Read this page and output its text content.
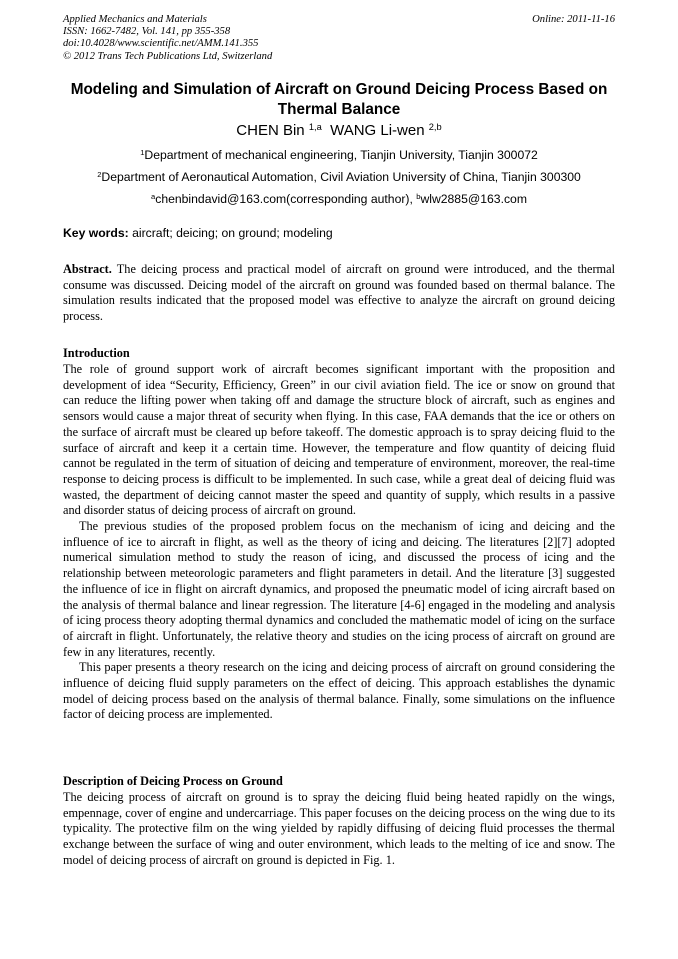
Applied Mechanics and Materials
ISSN: 1662-7482, Vol. 141, pp 355-358
doi:10.4028/www.scientific.net/AMM.141.355
© 2012 Trans Tech Publications Ltd, Switzerland
Online: 2011-11-16
Modeling and Simulation of Aircraft on Ground Deicing Process Based on Thermal Balance
CHEN Bin $^{1,a}$ WANG Li-wen $^{2,b}$
$^1$Department of mechanical engineering, Tianjin University, Tianjin 300072
$^2$Department of Aeronautical Automation, Civil Aviation University of China, Tianjin 300300
$^a$chenbindavid@163.com(corresponding author), $^b$wlw2885@163.com
Key words: aircraft; deicing; on ground; modeling

Abstract. The deicing process and practical model of aircraft on ground were introduced, and the thermal consume was discussed. Deicing model of the aircraft on ground was founded based on thermal balance. The simulation results indicated that the proposed model was effective to analyze the aircraft on ground deicing process.

Introduction

The role of ground support work of aircraft becomes significant important with the proposition and development of idea “Security, Efficiency, Green” in our civil aviation field. The ice or snow on ground that can reduce the lifting power when taking off and damage the structure block of aircraft, such as engines and sensors would cause a major threat of security when flying. In this case, FAA demands that the ice or others on the surface of aircraft must be cleared up before takeoff. The domestic approach is to spray deicing fluid to the surface of aircraft and keep it a certain time. However, the temperature and flow quantity of deicing fluid cannot be regulated in the term of situation of deicing and temperature of environment, moreover, the real-time response to deicing process is difficult to be implemented. In such case, while a great deal of deicing fluid was wasted, the department of deicing cannot master the speed and quantity of supply, which results in a passive and disorder status of deicing process of aircraft on ground.

The previous studies of the proposed problem focus on the mechanism of icing and deicing and the influence of ice to aircraft in flight, as well as the theory of icing and deicing. The literatures [2][7] adopted numerical simulation method to study the reason of icing, and discussed the process of icing and the relationship between meteorologic parameters and flight parameters in detail. And the literature [3] suggested the influence of ice in flight on aircraft dynamics, and proposed the pneumatic model of icing aircraft based on the analysis of thermal balance and linear regression. The literature [4-6] engaged in the modeling and analysis of icing process theory adopting thermal dynamics and concluded the mathematic model of icing on the surface of aircraft in flight. Unfortunately, the relative theory and studies on the icing process of aircraft on ground are few in any literatures, recently.

This paper presents a theory research on the icing and deicing process of aircraft on ground considering the influence of deicing fluid supply parameters on the effect of deicing. This approach establishes the dynamic model of deicing process based on the analysis of thermal balance. Finally, some simulations on the influence factor of deicing process are implemented.

Description of Deicing Process on Ground

The deicing process of aircraft on ground is to spray the deicing fluid being heated rapidly on the wings, empennage, cover of engine and undercarriage. This paper focuses on the deicing process on the wing due to its typicality. The protective film on the wing yielded by rapidly diffusing of deicing fluid processes the thermal exchange between the surface of wing and outer environment, which leads to the melting of ice and snow. The model of deicing process of aircraft on ground is depicted in Fig. 1.
